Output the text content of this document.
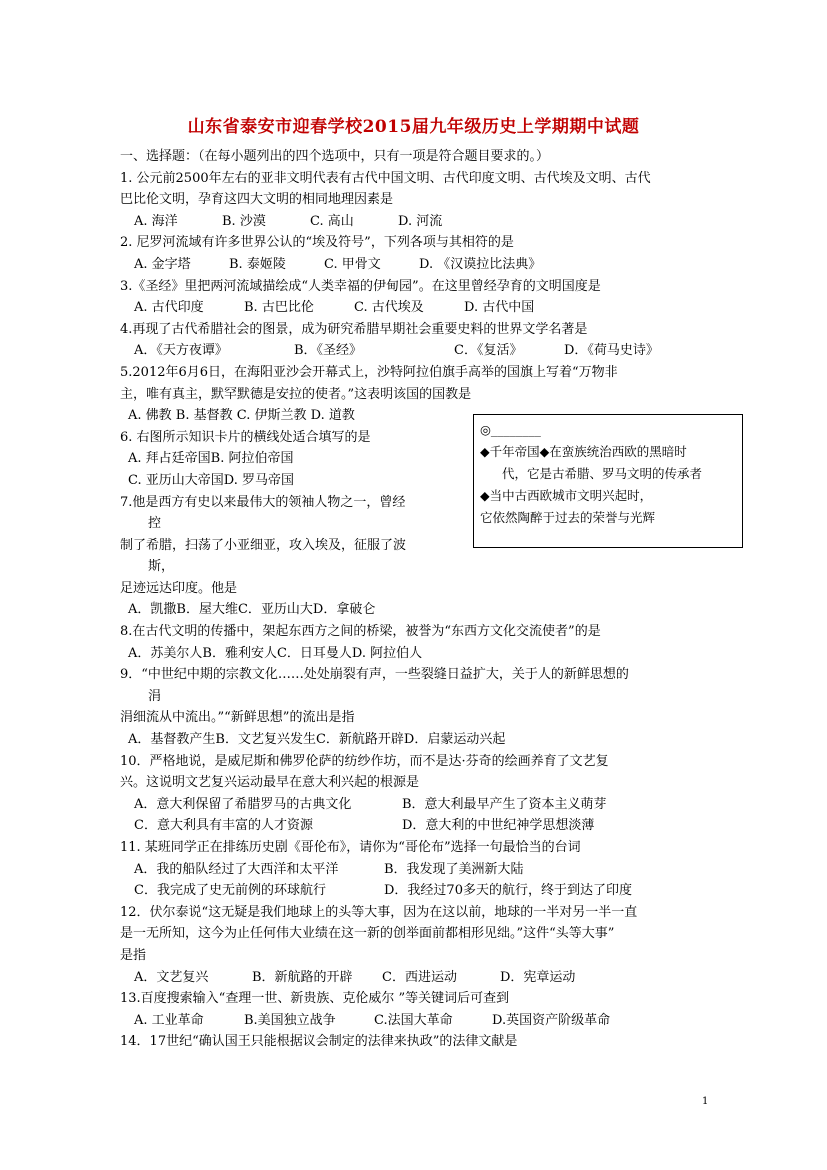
山东省泰安市迎春学校2015届九年级历史上学期期中试题
一、选择题：（在每小题列出的四个选项中，只有一项是符合题目要求的。）
1. 公元前2500年左右的亚非文明代表有古代中国文明、古代印度文明、古代埃及文明、古代
巴比伦文明，孕育这四大文明的相同地理因素是
A. 海洋	B. 沙漠	C. 高山	D. 河流
2. 尼罗河流域有许多世界公认的“埃及符号”，下列各项与其相符的是
A. 金字塔	B. 泰姬陵	C. 甲骨文	D. 《汉谟拉比法典》
3.《圣经》里把两河流域描绘成“人类幸福的伊甸园”。在这里曾经孕育的文明国度是
A. 古代印度	B. 古巴比伦	C. 古代埃及	D. 古代中国
4.再现了古代希腊社会的图景，成为研究希腊早期社会重要史料的世界文学名著是
A．《天方夜谭》	B．《圣经》	C．《复活》	D．《荷马史诗》
5.2012年6月6日，在海阳亚沙会开幕式上，沙特阿拉伯旗手高举的国旗上写着“万物非
主，唯有真主，默罕默德是安拉的使者。”这表明该国的国教是
A. 佛教 B. 基督教 C. 伊斯兰教 D. 道教
6. 右图所示知识卡片的横线处适合填写的是
A. 拜占廷帝国B. 阿拉伯帝国
C. 亚历山大帝国D. 罗马帝国
7.他是西方有史以来最伟大的领袖人物之一，曾经
控
制了希腊，扫荡了小亚细亚，攻入埃及，征服了波
斯，
足迹远达印度。他是
A．凯撒B．屋大维C．亚历山大D．拿破仑
8.在古代文明的传播中，架起东西方之间的桥梁，被誉为“东西方文化交流使者”的是
A．苏美尔人B．雅利安人C．日耳曼人D. 阿拉伯人
9．“中世纪中期的宗教文化……处处崩裂有声，一些裂缝日益扩大，关于人的新鲜思想的
涓
涓细流从中流出。”“新鲜思想”的流出是指
A．基督教产生B．文艺复兴发生C．新航路开辟D．启蒙运动兴起
10．严格地说，是威尼斯和佛罗伦萨的纺纱作坊，而不是达·芬奇的绘画养育了文艺复
兴。这说明文艺复兴运动最早在意大利兴起的根源是
A．意大利保留了希腊罗马的古典文化	B．意大利最早产生了资本主义萌芽
C．意大利具有丰富的人才资源	D．意大利的中世纪神学思想淡薄
11. 某班同学正在排练历史剧《哥伦布》，请你为“哥伦布”选择一句最恰当的台词
A．我的船队经过了大西洋和太平洋	B．我发现了美洲新大陆
C．我完成了史无前例的环球航行	D．我经过70多天的航行，终于到达了印度
12．伏尔泰说“这无疑是我们地球上的头等大事，因为在这以前，地球的一半对另一半一直
是一无所知，这今为止任何伟大业绩在这一新的创举面前都相形见绌。”这件“头等大事”
是指
A．文艺复兴	B．新航路的开辟 C．西进运动	D．宪章运动
13.百度搜索输入“查理一世、新贵族、克伦威尔 ”等关键词后可查到
A. 工业革命	B.美国独立战争	C.法国大革命	D.英国资产阶级革命
14．17世纪“确认国王只能根据议会制定的法律来执政”的法律文献是
◎________
◆千年帝国◆在蛮族统治西欧的黑暗时
代，它是古希腊、罗马文明的传承者
◆当中古西欧城市文明兴起时，
它依然陶醉于过去的荣誉与光辉
1
